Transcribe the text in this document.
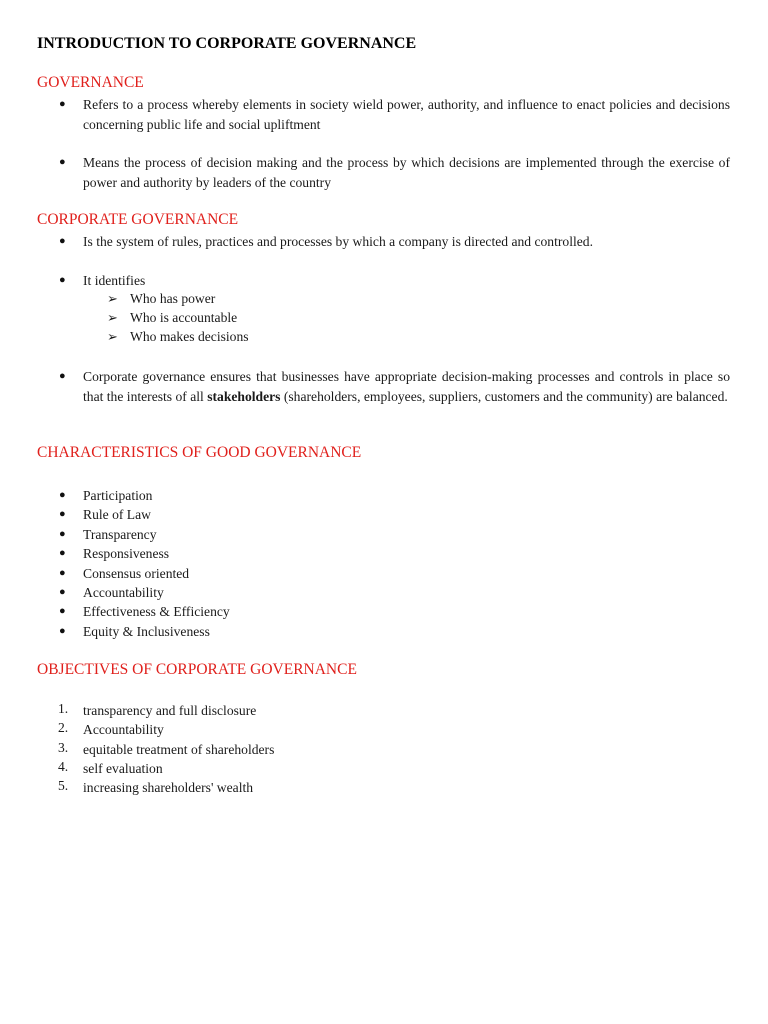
INTRODUCTION TO CORPORATE GOVERNANCE
GOVERNANCE
● Refers to a process whereby elements in society wield power, authority, and influence to enact policies and decisions concerning public life and social upliftment
● Means the process of decision making and the process by which decisions are implemented through the exercise of power and authority by leaders of the country
CORPORATE GOVERNANCE
● Is the system of rules, practices and processes by which a company is directed and controlled.
● It identifies
➢ Who has power
➢ Who is accountable
➢ Who makes decisions
● Corporate governance ensures that businesses have appropriate decision-making processes and controls in place so that the interests of all stakeholders (shareholders, employees, suppliers, customers and the community) are balanced.
CHARACTERISTICS OF GOOD GOVERNANCE
● Participation
● Rule of Law
● Transparency
● Responsiveness
● Consensus oriented
● Accountability
● Effectiveness & Efficiency
● Equity & Inclusiveness
OBJECTIVES OF CORPORATE GOVERNANCE
1. transparency and full disclosure
2. Accountability
3. equitable treatment of shareholders
4. self evaluation
5. increasing shareholders' wealth
